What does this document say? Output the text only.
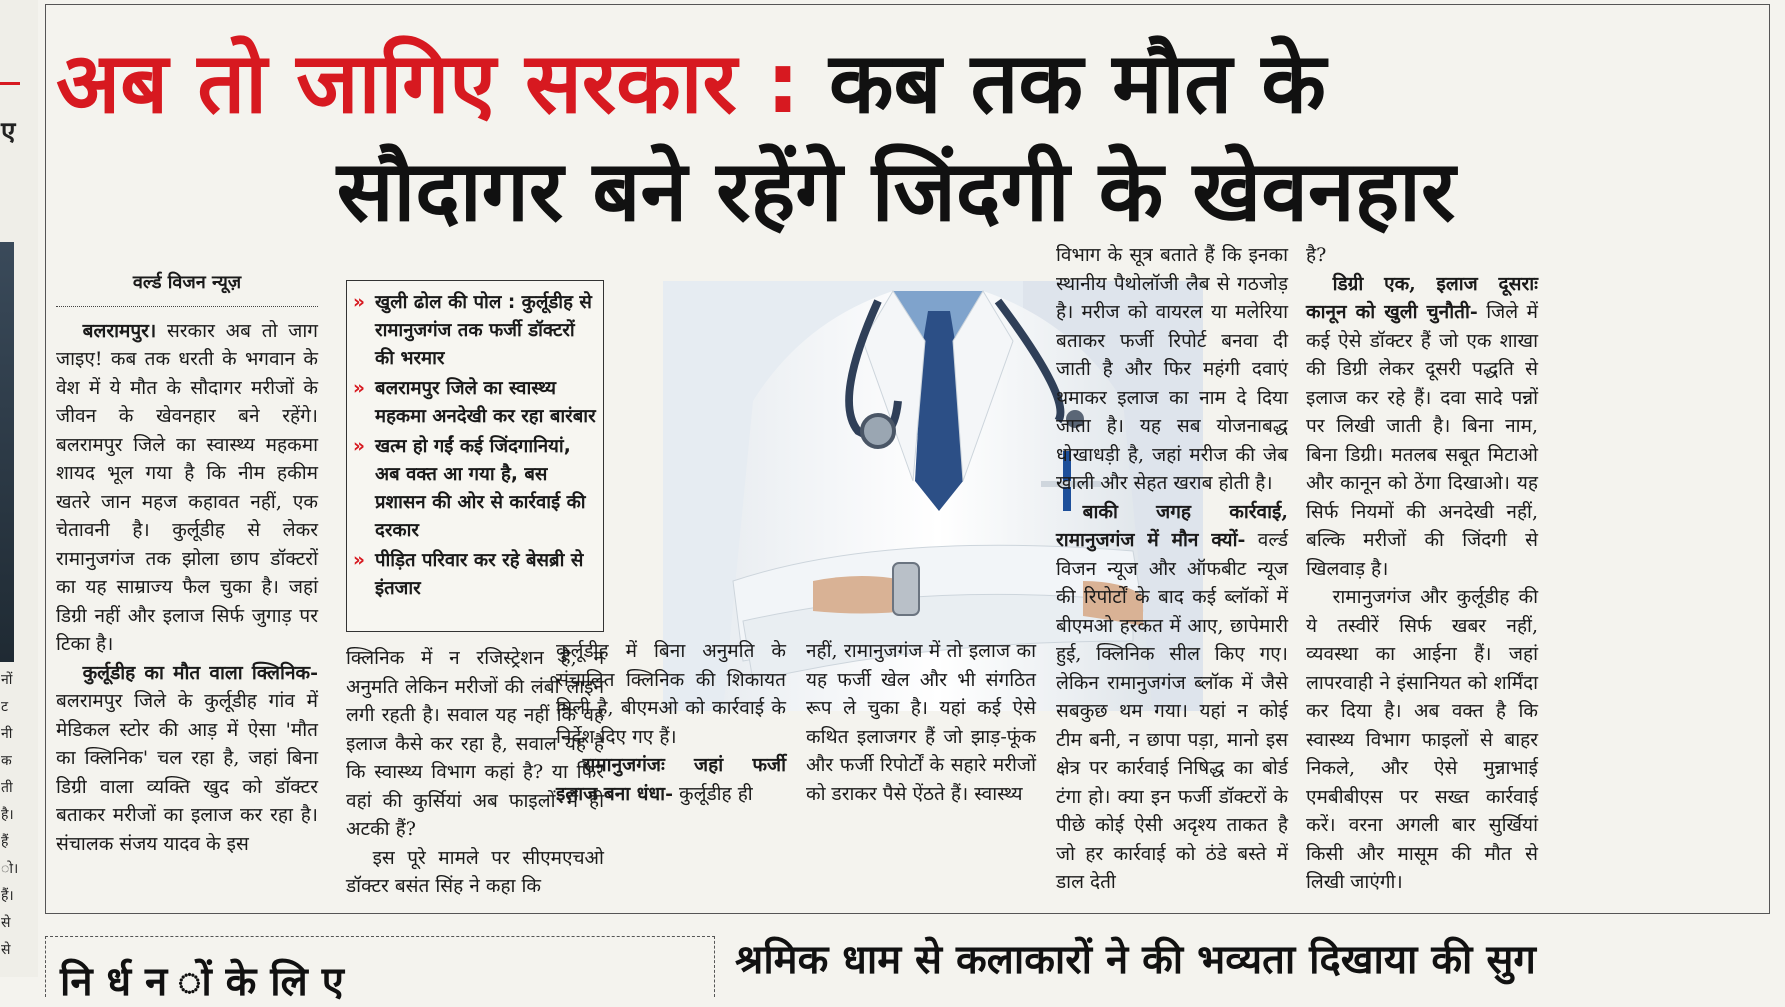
ए
नों
ट
नी
क
ती
है।
हैं
ो।
हैं।
से
से
अब तो जागिए सरकार : कब तक मौत के
सौदागर बने रहेंगे जिंदगी के खेवनहार
वर्ल्ड विजन न्यूज़

बलरामपुर। सरकार अब तो जाग जाइए! कब तक धरती के भगवान के वेश में ये मौत के सौदागर मरीजों के जीवन के खेवनहार बने रहेंगे। बलरामपुर जिले का स्वास्थ्य महकमा शायद भूल गया है कि नीम हकीम खतरे जान महज कहावत नहीं, एक चेतावनी है। कुर्लूडीह से लेकर रामानुजगंज तक झोला छाप डॉक्टरों का यह साम्राज्य फैल चुका है। जहां डिग्री नहीं और इलाज सिर्फ जुगाड़ पर टिका है।

कुर्लूडीह का मौत वाला क्लिनिक- बलरामपुर जिले के कुर्लूडीह गांव में मेडिकल स्टोर की आड़ में ऐसा 'मौत का क्लिनिक' चल रहा है, जहां बिना डिग्री वाला व्यक्ति खुद को डॉक्टर बताकर मरीजों का इलाज कर रहा है। संचालक संजय यादव के इस

» खुली ढोल की पोल : कुर्लूडीह से रामानुजगंज तक फर्जी डॉक्टरों की भरमार
» बलरामपुर जिले का स्वास्थ्य महकमा अनदेखी कर रहा बारंबार
» खत्म हो गईं कई जिंदगानियां, अब वक्त आ गया है, बस प्रशासन की ओर से कार्रवाई की दरकार
» पीड़ित परिवार कर रहे बेसब्री से इंतजार

क्लिनिक में न रजिस्ट्रेशन है, न अनुमति लेकिन मरीजों की लंबी लाइन लगी रहती है। सवाल यह नहीं कि वह इलाज कैसे कर रहा है, सवाल यह है कि स्वास्थ्य विभाग कहां है? या फिर वहां की कुर्सियां अब फाइलों में ही अटकी हैं?

इस पूरे मामले पर सीएमएचओ डॉक्टर बसंत सिंह ने कहा कि

कुर्लूडीह में बिना अनुमति के संचालित क्लिनिक की शिकायत मिली है, बीएमओ को कार्रवाई के निर्देश दिए गए हैं।

रामानुजगंजः जहां फर्जी इलाज बना धंधा- कुर्लूडीह ही

नहीं, रामानुजगंज में तो इलाज का यह फर्जी खेल और भी संगठित रूप ले चुका है। यहां कई ऐसे कथित इलाजगर हैं जो झाड़-फूंक और फर्जी रिपोर्टों के सहारे मरीजों को डराकर पैसे ऐंठते हैं। स्वास्थ्य

विभाग के सूत्र बताते हैं कि इनका स्थानीय पैथोलॉजी लैब से गठजोड़ है। मरीज को वायरल या मलेरिया बताकर फर्जी रिपोर्ट बनवा दी जाती है और फिर महंगी दवाएं थमाकर इलाज का नाम दे दिया जाता है। यह सब योजनाबद्ध धोखाधड़ी है, जहां मरीज की जेब खाली और सेहत खराब होती है।

बाकी जगह कार्रवाई, रामानुजगंज में मौन क्यों- वर्ल्ड विजन न्यूज और ऑफबीट न्यूज की रिपोर्टों के बाद कई ब्लॉकों में बीएमओ हरकत में आए, छापेमारी हुई, क्लिनिक सील किए गए। लेकिन रामानुजगंज ब्लॉक में जैसे सबकुछ थम गया। यहां न कोई टीम बनी, न छापा पड़ा, मानो इस क्षेत्र पर कार्रवाई निषिद्ध का बोर्ड टंगा हो। क्या इन फर्जी डॉक्टरों के पीछे कोई ऐसी अदृश्य ताकत है जो हर कार्रवाई को ठंडे बस्ते में डाल देती

है?

डिग्री एक, इलाज दूसराः कानून को खुली चुनौती- जिले में कई ऐसे डॉक्टर हैं जो एक शाखा की डिग्री लेकर दूसरी पद्धति से इलाज कर रहे हैं। दवा सादे पन्नों पर लिखी जाती है। बिना नाम, बिना डिग्री। मतलब सबूत मिटाओ और कानून को ठेंगा दिखाओ। यह सिर्फ नियमों की अनदेखी नहीं, बल्कि मरीजों की जिंदगी से खिलवाड़ है।

रामानुजगंज और कुर्लूडीह की ये तस्वीरें सिर्फ खबर नहीं, व्यवस्था का आईना हैं। जहां लापरवाही ने इंसानियत को शर्मिंदा कर दिया है। अब वक्त है कि स्वास्थ्य विभाग फाइलों से बाहर निकले, और ऐसे मुन्नाभाई एमबीबीएस पर सख्त कार्रवाई करें। वरना अगली बार सुर्खियां किसी और मासूम की मौत से लिखी जाएंगी।

नि र्ध न ों के लि ए	श्रमिक धाम से कलाकारों ने की भव्यता दिखाया की सुग
